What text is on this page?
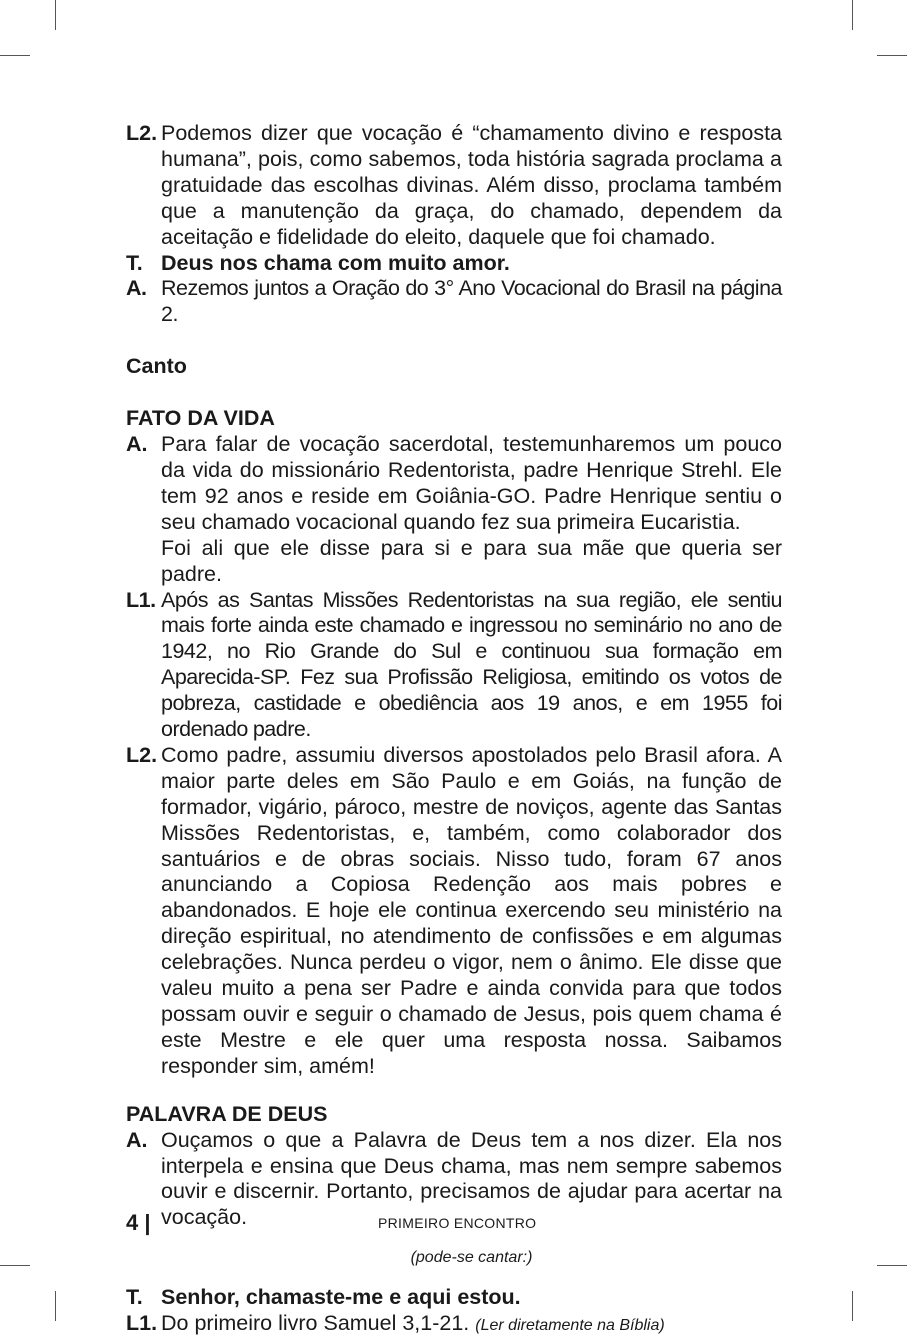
L2. Podemos dizer que vocação é “chamamento divino e resposta humana”, pois, como sabemos, toda história sagrada proclama a gratuidade das escolhas divinas. Além disso, proclama também que a manutenção da graça, do chamado, dependem da aceitação e fidelidade do eleito, daquele que foi chamado.

T. Deus nos chama com muito amor.

A. Rezemos juntos a Oração do 3° Ano Vocacional do Brasil na página 2.

Canto

FATO DA VIDA

A. Para falar de vocação sacerdotal, testemunharemos um pouco da vida do missionário Redentorista, padre Henrique Strehl. Ele tem 92 anos e reside em Goiânia-GO. Padre Henrique sentiu o seu chamado vocacional quando fez sua primeira Eucaristia.

Foi ali que ele disse para si e para sua mãe que queria ser padre.

L1. Após as Santas Missões Redentoristas na sua região, ele sentiu mais forte ainda este chamado e ingressou no seminário no ano de 1942, no Rio Grande do Sul e continuou sua formação em Aparecida-SP. Fez sua Profissão Religiosa, emitindo os votos de pobreza, castidade e obediência aos 19 anos, e em 1955 foi ordenado padre.

L2. Como padre, assumiu diversos apostolados pelo Brasil afora. A maior parte deles em São Paulo e em Goiás, na função de formador, vigário, pároco, mestre de noviços, agente das Santas Missões Redentoristas, e, também, como colaborador dos santuários e de obras sociais. Nisso tudo, foram 67 anos anunciando a Copiosa Redenção aos mais pobres e abandonados. E hoje ele continua exercendo seu ministério na direção espiritual, no atendimento de confissões e em algumas celebrações. Nunca perdeu o vigor, nem o ânimo. Ele disse que valeu muito a pena ser Padre e ainda convida para que todos possam ouvir e seguir o chamado de Jesus, pois quem chama é este Mestre e ele quer uma resposta nossa. Saibamos responder sim, amém!

PALAVRA DE DEUS

A. Ouçamos o que a Palavra de Deus tem a nos dizer. Ela nos interpela e ensina que Deus chama, mas nem sempre sabemos ouvir e discernir. Portanto, precisamos de ajudar para acertar na vocação.

(pode-se cantar:)

T. Senhor, chamaste-me e aqui estou.

L1. Do primeiro livro Samuel 3,1-21. (Ler diretamente na Bíblia)

4 |	PRIMEIRO ENCONTRO
